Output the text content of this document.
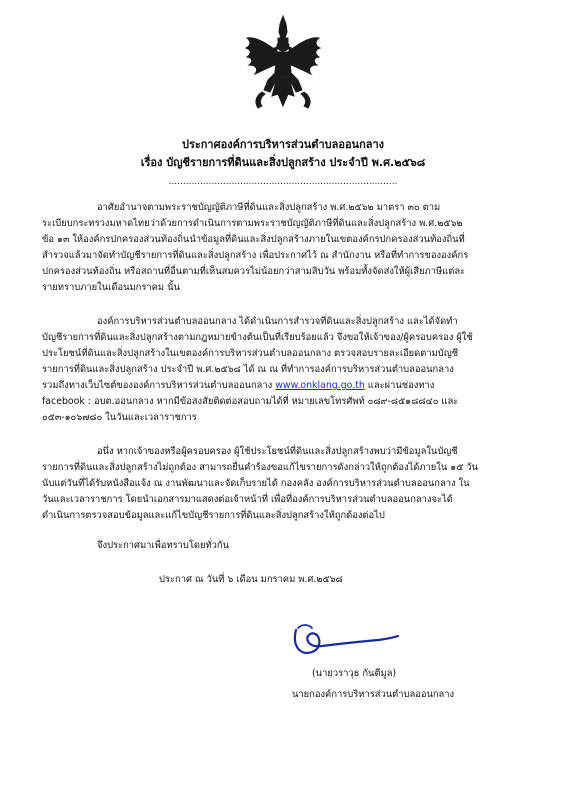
ประกาศองค์การบริหารส่วนตำบลออนกลาง
เรื่อง บัญชีรายการที่ดินและสิ่งปลูกสร้าง ประจำปี พ.ศ.๒๕๖๘
................................................................................
อาศัยอำนาจตามพระราชบัญญัติภาษีที่ดินและสิ่งปลูกสร้าง พ.ศ.๒๕๖๒ มาตรา ๓๐ ตาม
ระเบียบกระทรวงมหาดไทยว่าด้วยการดำเนินการตามพระราชบัญญัติภาษีที่ดินและสิ่งปลูกสร้าง พ.ศ.๒๕๖๒
ข้อ ๑๓ ให้องค์กรปกครองส่วนท้องถิ่นนำข้อมูลที่ดินและสิ่งปลูกสร้างภายในเขตองค์กรปกครองส่วนท้องถิ่นที่
สำรวจแล้วมาจัดทำบัญชีรายการที่ดินและสิ่งปลูกสร้าง เพื่อประกาศไว้ ณ สำนักงาน หรือที่ทำการขององค์กร
ปกครองส่วนท้องถิ่น หรือสถานที่อื่นตามที่เห็นสมควรไม่น้อยกว่าสามสิบวัน พร้อมทั้งจัดส่งให้ผู้เสียภาษีแต่ละ
รายทราบภายในเดือนมกราคม นั้น
องค์การบริหารส่วนตำบลออนกลาง ได้ดำเนินการสำรวจที่ดินและสิ่งปลูกสร้าง และได้จัดทำ
บัญชีรายการที่ดินและสิ่งปลูกสร้างตามกฎหมายข้างต้นเป็นที่เรียบร้อยแล้ว จึงขอให้เจ้าของ/ผู้ครอบครอง ผู้ใช้
ประโยชน์ที่ดินและสิ่งปลูกสร้างในเขตองค์การบริหารส่วนตำบลออนกลาง ตรวจสอบรายละเอียดตามบัญชี
รายการที่ดินและสิ่งปลูกสร้าง ประจำปี พ.ศ.๒๕๖๘ ได้ ณ ณ ที่ทำการองค์การบริหารส่วนตำบลออนกลาง
รวมถึงทางเว็บไซต์ขององค์การบริหารส่วนตำบลออนกลาง www.onklang.go.th และผ่านช่องทาง
facebook : อบต.ออนกลาง หากมีข้อสงสัยติดต่อสอบถามได้ที่ หมายเลขโทรศัพท์ ๐๘๙-๘๕๑๘๘๔๐ และ
๐๕๓-๑๐๖๗๘๐ ในวันและเวลาราชการ
อนึ่ง หากเจ้าของหรือผู้ครอบครอง ผู้ใช้ประโยชน์ที่ดินและสิ่งปลูกสร้างพบว่ามีข้อมูลในบัญชี
รายการที่ดินและสิ่งปลูกสร้างไม่ถูกต้อง สามารถยื่นคำร้องขอแก้ไขรายการดังกล่าวให้ถูกต้องได้ภายใน ๑๕ วัน
นับแต่วันที่ได้รับหนังสือแจ้ง ณ งานพัฒนาและจัดเก็บรายได้ กองคลัง องค์การบริหารส่วนตำบลออนกลาง ใน
วันและเวลาราชการ โดยนำเอกสารมาแสดงต่อเจ้าหน้าที่ เพื่อที่องค์การบริหารส่วนตำบลออนกลางจะได้
ดำเนินการตรวจสอบข้อมูลและแก้ไขบัญชีรายการที่ดินและสิ่งปลูกสร้างให้ถูกต้องต่อไป
จึงประกาศมาเพื่อทราบโดยทั่วกัน
ประกาศ ณ วันที่ ๖ เดือน มกราคม พ.ศ.๒๕๖๘
(นายวราวุธ กันตีมูล)
นายกองค์การบริหารส่วนตำบลออนกลาง
